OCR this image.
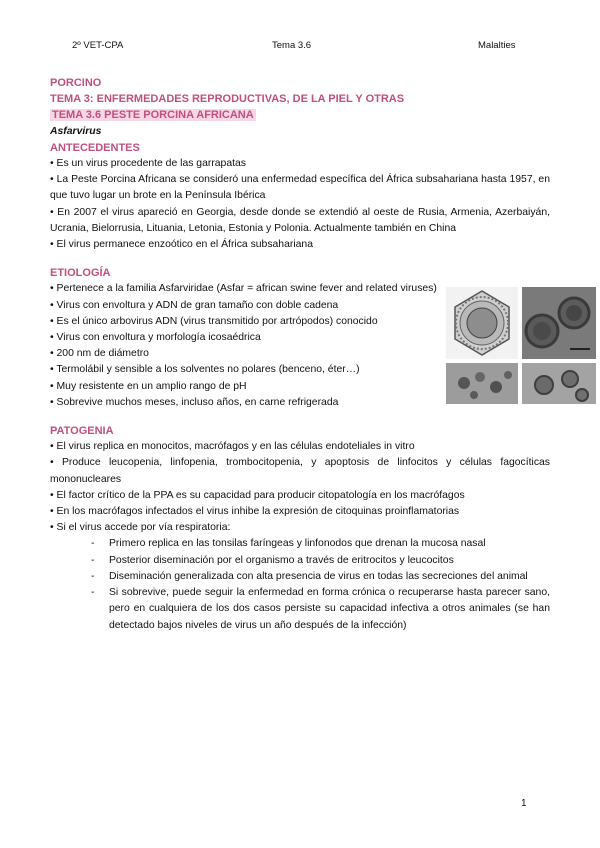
2º VET-CPA	Tema 3.6	Malalties
PORCINO
TEMA 3: ENFERMEDADES REPRODUCTIVAS, DE LA PIEL Y OTRAS
TEMA 3.6 PESTE PORCINA AFRICANA
Asfarvirus
ANTECEDENTES
• Es un virus procedente de las garrapatas
• La Peste Porcina Africana se consideró una enfermedad específica del África subsahariana hasta 1957, en que tuvo lugar un brote en la Península Ibérica
• En 2007 el virus apareció en Georgia, desde donde se extendió al oeste de Rusia, Armenia, Azerbaiyán, Ucrania, Bielorrusia, Lituania, Letonia, Estonia y Polonia. Actualmente también en China
• El virus permanece enzoótico en el África subsahariana
ETIOLOGÍA
• Pertenece a la familia Asfarviridae (Asfar = african swine fever and related viruses)
• Virus con envoltura y ADN de gran tamaño con doble cadena
• Es el único arbovirus ADN (virus transmitido por artrópodos) conocido
• Virus con envoltura y morfología icosaédrica
• 200 nm de diámetro
• Termolábil y sensible a los solventes no polares (benceno, éter…)
• Muy resistente en un amplio rango de pH
• Sobrevive muchos meses, incluso años, en carne refrigerada
PATOGENIA
• El virus replica en monocitos, macrófagos y en las células endoteliales in vitro
• Produce leucopenia, linfopenia, trombocitopenia, y apoptosis de linfocitos y células fagocíticas mononucleares
• El factor crítico de la PPA es su capacidad para producir citopatología en los macrófagos
• En los macrófagos infectados el virus inhibe la expresión de citoquinas proinflamatorias
• Si el virus accede por vía respiratoria:
-	Primero replica en las tonsilas faríngeas y linfonodos que drenan la mucosa nasal
-	Posterior diseminación por el organismo a través de eritrocitos y leucocitos
-	Diseminación generalizada con alta presencia de virus en todas las secreciones del animal
-	Si sobrevive, puede seguir la enfermedad en forma crónica o recuperarse hasta parecer sano, pero en cualquiera de los dos casos persiste su capacidad infectiva a otros animales (se han detectado bajos niveles de virus un año después de la infección)
1
